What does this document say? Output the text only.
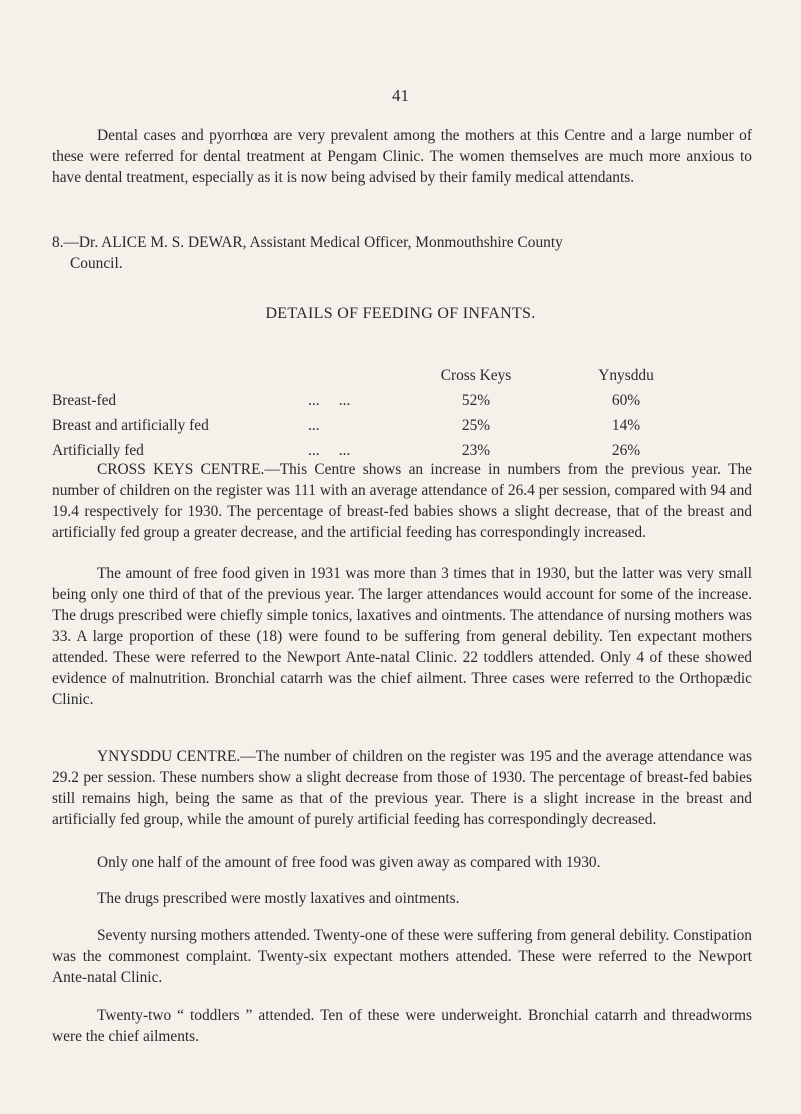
41

Dental cases and pyorrhœa are very prevalent among the mothers at this Centre and a large number of these were referred for dental treatment at Pengam Clinic. The women themselves are much more anxious to have dental treatment, especially as it is now being advised by their family medical attendants.

8.—Dr. ALICE M. S. DEWAR, Assistant Medical Officer, Monmouthshire County
Council.
DETAILS OF FEEDING OF INFANTS.
		Cross Keys	Ynysddu
Breast-fed	...     ...	52%	60%
Breast and artificially fed	...	25%	14%
Artificially fed	...     ...	23%	26%

CROSS KEYS CENTRE.—This Centre shows an increase in numbers from the previous year. The number of children on the register was 111 with an average attendance of 26.4 per session, compared with 94 and 19.4 respectively for 1930. The percentage of breast-fed babies shows a slight decrease, that of the breast and artificially fed group a greater decrease, and the artificial feeding has correspondingly increased.

The amount of free food given in 1931 was more than 3 times that in 1930, but the latter was very small being only one third of that of the previous year. The larger attendances would account for some of the increase. The drugs prescribed were chiefly simple tonics, laxatives and ointments. The attendance of nursing mothers was 33. A large proportion of these (18) were found to be suffering from general debility. Ten expectant mothers attended. These were referred to the Newport Ante-natal Clinic. 22 toddlers attended. Only 4 of these showed evidence of malnutrition. Bronchial catarrh was the chief ailment. Three cases were referred to the Orthopædic Clinic.

YNYSDDU CENTRE.—The number of children on the register was 195 and the average attendance was 29.2 per session. These numbers show a slight decrease from those of 1930. The percentage of breast-fed babies still remains high, being the same as that of the previous year. There is a slight increase in the breast and artificially fed group, while the amount of purely artificial feeding has correspondingly decreased.

Only one half of the amount of free food was given away as compared with 1930.

The drugs prescribed were mostly laxatives and ointments.

Seventy nursing mothers attended. Twenty-one of these were suffering from general debility. Constipation was the commonest complaint. Twenty-six expectant mothers attended. These were referred to the Newport Ante-natal Clinic.

Twenty-two “ toddlers ” attended. Ten of these were underweight. Bronchial catarrh and threadworms were the chief ailments.
